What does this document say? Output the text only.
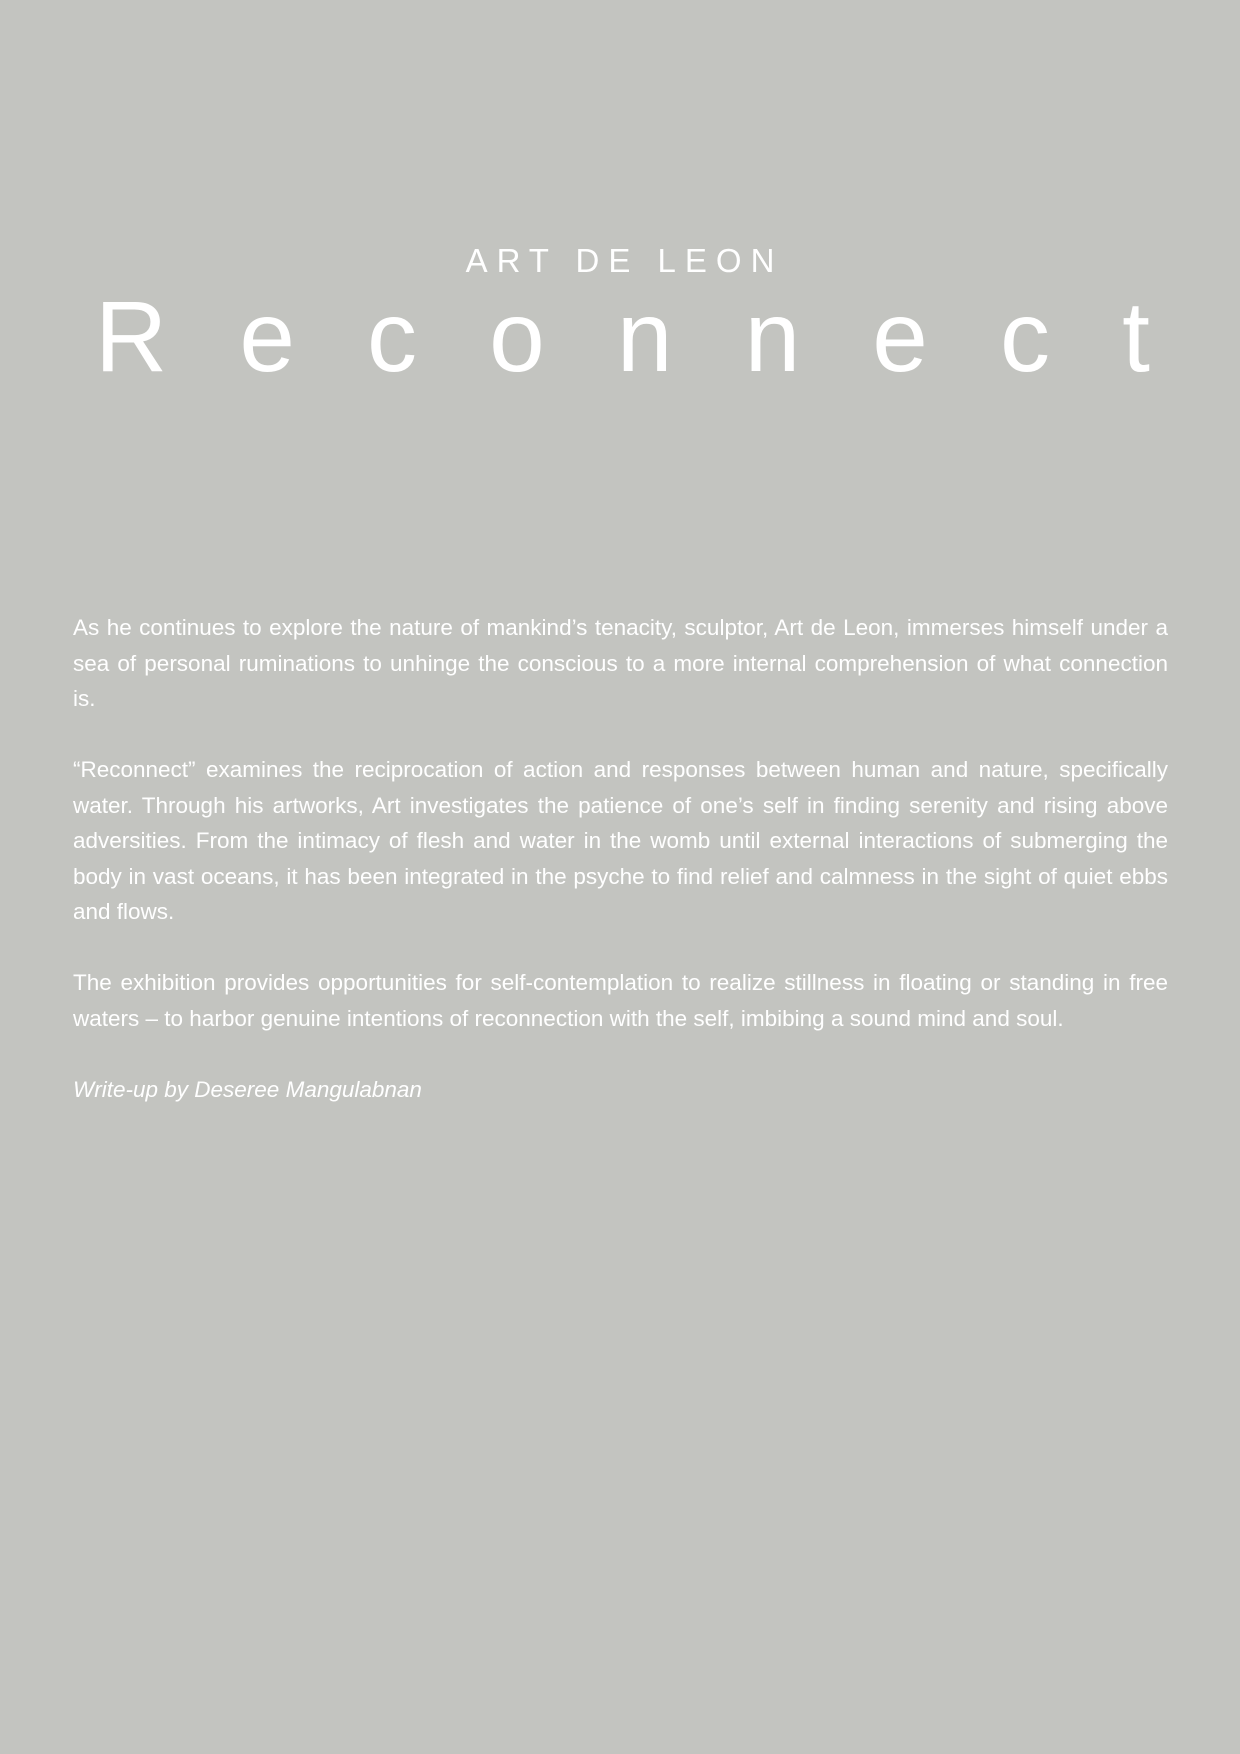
ART DE LEON
R e c o n n e c t

As he continues to explore the nature of mankind’s tenacity, sculptor, Art de Leon, immerses himself under a sea of personal ruminations to unhinge the conscious to a more internal comprehension of what connection is.

“Reconnect” examines the reciprocation of action and responses between human and nature, specifically water. Through his artworks, Art investigates the patience of one’s self in finding serenity and rising above adversities. From the intimacy of flesh and water in the womb until external interactions of submerging the body in vast oceans, it has been integrated in the psyche to find relief and calmness in the sight of quiet ebbs and flows.

The exhibition provides opportunities for self-contemplation to realize stillness in floating or standing in free waters – to harbor genuine intentions of reconnection with the self, imbibing a sound mind and soul.

Write-up by Deseree Mangulabnan
